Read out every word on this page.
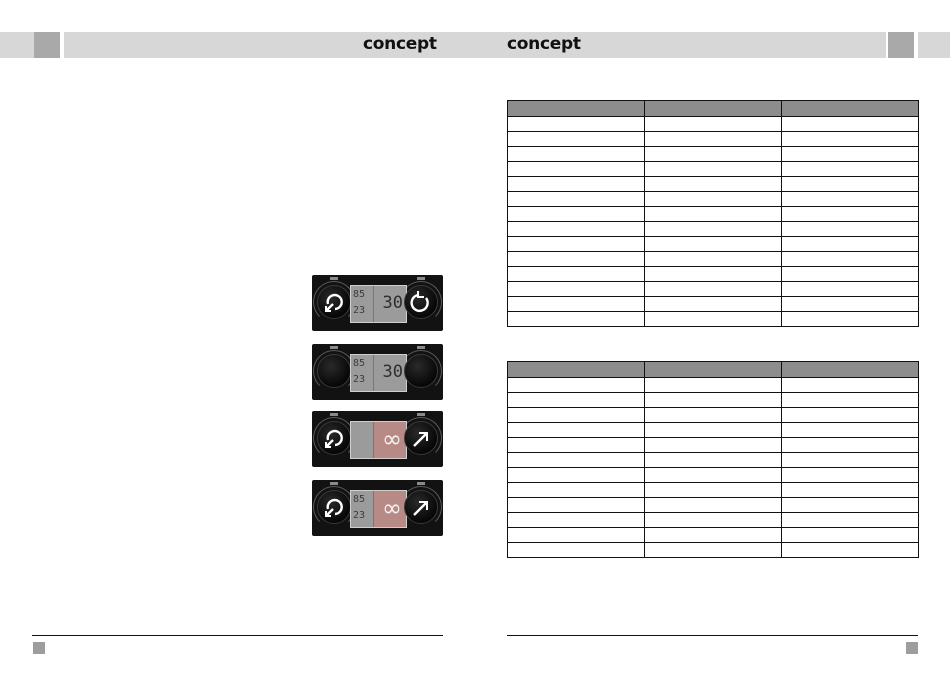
concept	concept
85
23 30
85
23 30
∞
85
23 ∞
